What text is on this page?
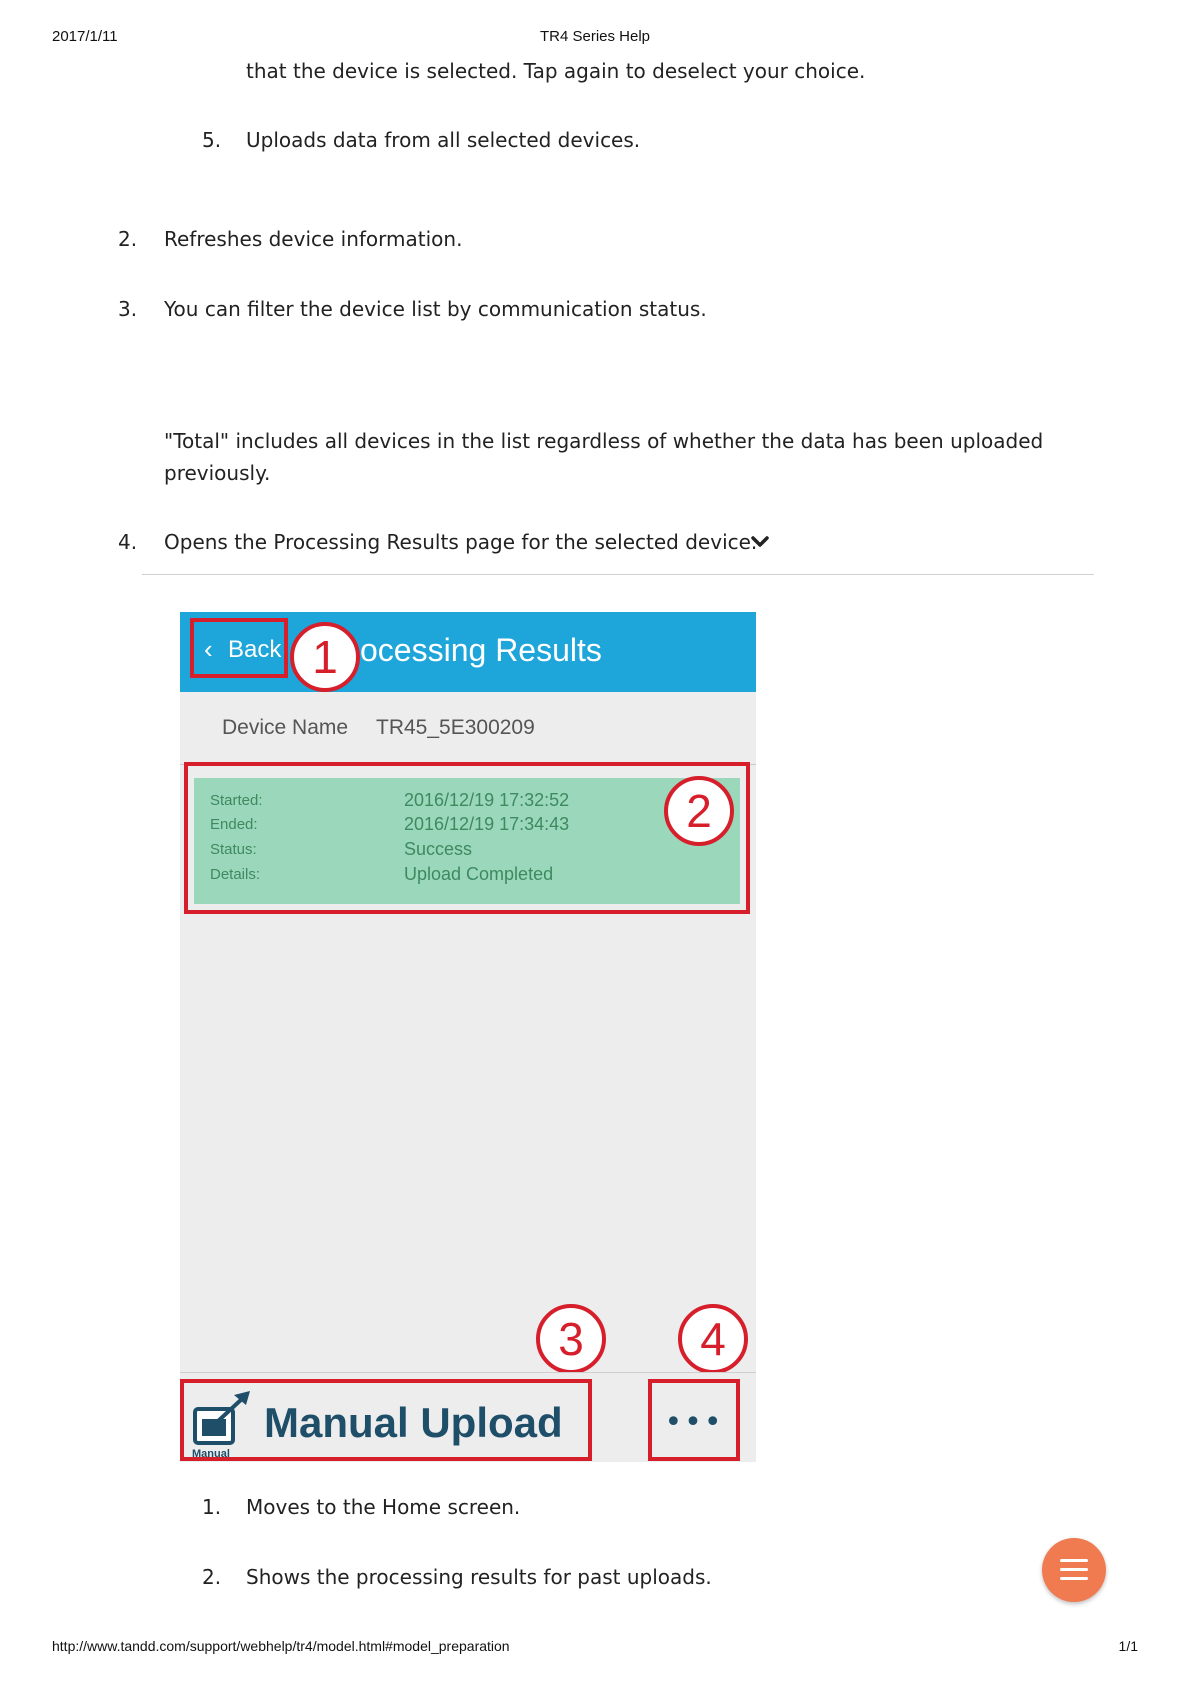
2017/1/11	TR4 Series Help
that the device is selected. Tap again to deselect your choice.
5. Uploads data from all selected devices.
2. Refreshes device information.
3. You can filter the device list by communication status.
"Total" includes all devices in the list regardless of whether the data has been uploaded
previously.
4. Opens the Processing Results page for the selected device.
ocessing Results
‹ Back 1
Device Name TR45_5E300209
Started:	2016/12/19 17:32:52
Ended:	2016/12/19 17:34:43
Status:	Success
Details:	Upload Completed
2
3	4
Manual
Manual Upload	•••
1. Moves to the Home screen.
2. Shows the processing results for past uploads.
http://www.tandd.com/support/webhelp/tr4/model.html#model_preparation	1/1
